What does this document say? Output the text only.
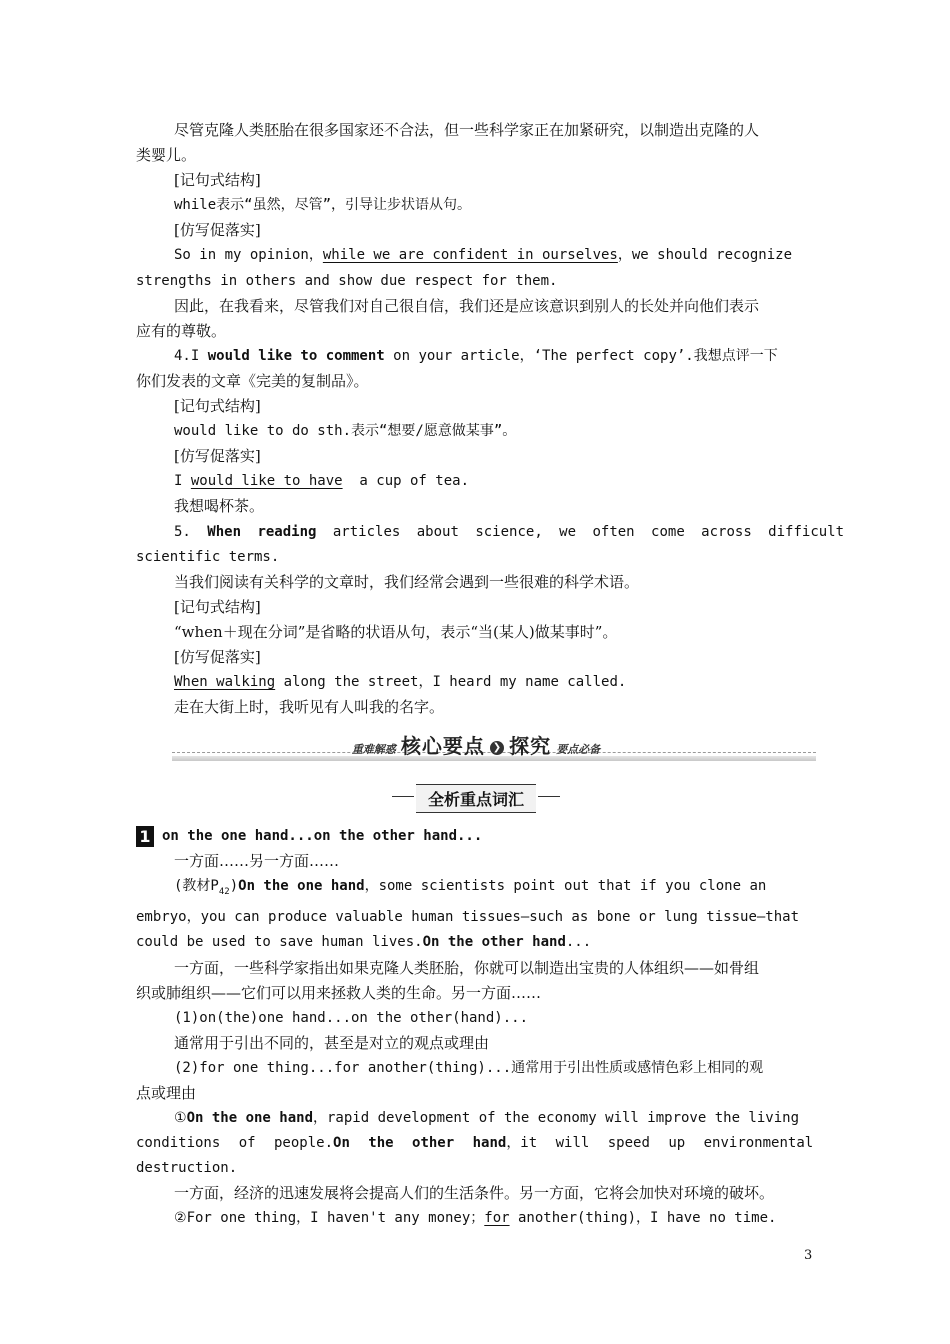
尽管克隆人类胚胎在很多国家还不合法，但一些科学家正在加紧研究，以制造出克隆的人
类婴儿。
[记句式结构]
while表示“虽然，尽管”，引导让步状语从句。
[仿写促落实]
So in my opinion，while we are confident in ourselves，we should recognize
strengths in others and show due respect for them.
因此，在我看来，尽管我们对自己很自信，我们还是应该意识到别人的长处并向他们表示
应有的尊敬。
4.I would like to comment on your article，‘The perfect copy’.我想点评一下
你们发表的文章《完美的复制品》。
[记句式结构]
would like to do sth.表示“想要/愿意做某事”。
[仿写促落实]
I would like to have  a cup of tea.
我想喝杯茶。
5. When reading articles about science, we often come across difficult
scientific terms.
当我们阅读有关科学的文章时，我们经常会遇到一些很难的科学术语。
[记句式结构]
“when＋现在分词”是省略的状语从句，表示“当(某人)做某事时”。
[仿写促落实]
When walking along the street，I heard my name called.
走在大街上时，我听见有人叫我的名字。
重难解惑 核心要点 ❯ 探究 要点必备
全析重点词汇
1 on the one hand...on the other hand...
一方面……另一方面……
(教材$P_{42})On$ the one hand，some scientists point out that if you clone an
embryo，you can produce valuable human tissues—such as bone or lung tissue—that
could be used to save human lives.On the other hand...
一方面，一些科学家指出如果克隆人类胚胎，你就可以制造出宝贵的人体组织——如骨组
织或肺组织——它们可以用来拯救人类的生命。另一方面……
(1)on(the)one hand...on the other(hand)...
通常用于引出不同的，甚至是对立的观点或理由
(2)for one thing...for another(thing)...通常用于引出性质或感情色彩上相同的观
点或理由
①On the one hand，rapid development of the economy will improve the living
conditions of people.On the other hand，it will speed up environmental
destruction.
一方面，经济的迅速发展将会提高人们的生活条件。另一方面，它将会加快对环境的破坏。
②For one thing，I haven't any money；for another(thing)，I have no time.
3
